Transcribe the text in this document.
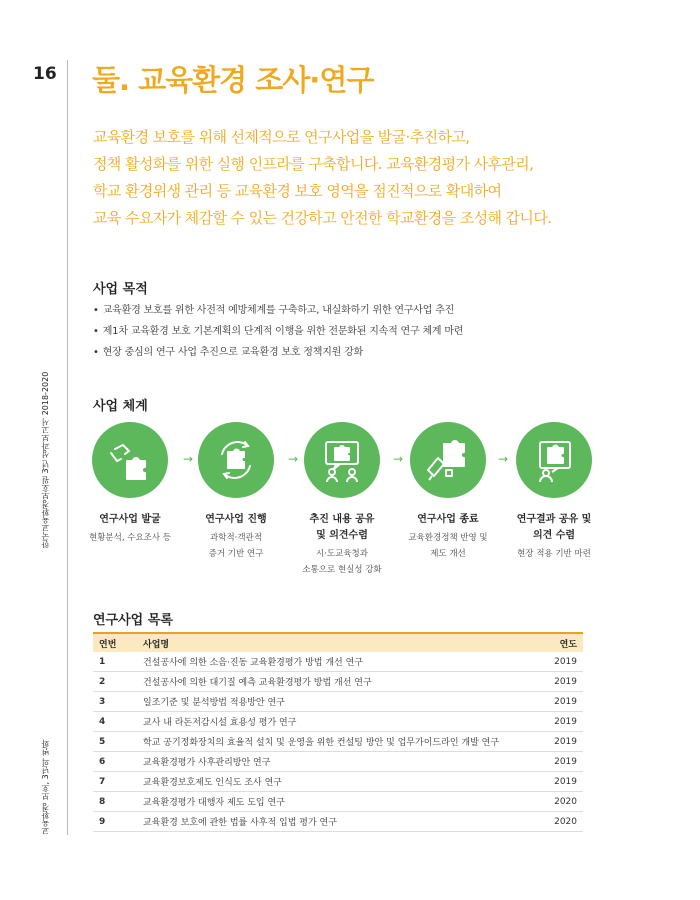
16
한국교육환경보호원 3년 성과보고서 2018-2020
교육환경 보호, 3년의 변화
둘. 교육환경 조사·연구
교육환경 보호를 위해 선제적으로 연구사업을 발굴·추진하고,
정책 활성화를 위한 실행 인프라를 구축합니다. 교육환경평가 사후관리,
학교 환경위생 관리 등 교육환경 보호 영역을 점진적으로 확대하여
교육 수요자가 체감할 수 있는 건강하고 안전한 학교환경을 조성해 갑니다.
사업 목적
• 교육환경 보호를 위한 사전적 예방체계를 구축하고, 내실화하기 위한 연구사업 추진
• 제1차 교육환경 보호 기본계획의 단계적 이행을 위한 전문화된 지속적 연구 체계 마련
• 현장 중심의 연구 사업 추진으로 교육환경 보호 정책지원 강화
사업 체계
연구사업 발굴
현황분석, 수요조사 등
→
연구사업 진행
과학적·객관적
증거 기반 연구
→
추진 내용 공유
및 의견수렴
시·도교육청과
소통으로 현실성 강화
→
연구사업 종료
교육환경정책 반영 및
제도 개선
→
연구결과 공유 및
의견 수렴
현장 적용 기반 마련
연구사업 목록
연번	사업명	연도
1	건설공사에 의한 소음·진동 교육환경평가 방법 개선 연구	2019
2	건설공사에 의한 대기질 예측 교육환경평가 방법 개선 연구	2019
3	일조기준 및 분석방법 적용방안 연구	2019
4	교사 내 라돈저감시설 효용성 평가 연구	2019
5	학교 공기정화장치의 효율적 설치 및 운영을 위한 컨설팅 방안 및 업무가이드라인 개발 연구	2019
6	교육환경평가 사후관리방안 연구	2019
7	교육환경보호제도 인식도 조사 연구	2019
8	교육환경평가 대행자 제도 도입 연구	2020
9	교육환경 보호에 관한 법률 사후적 입법 평가 연구	2020
